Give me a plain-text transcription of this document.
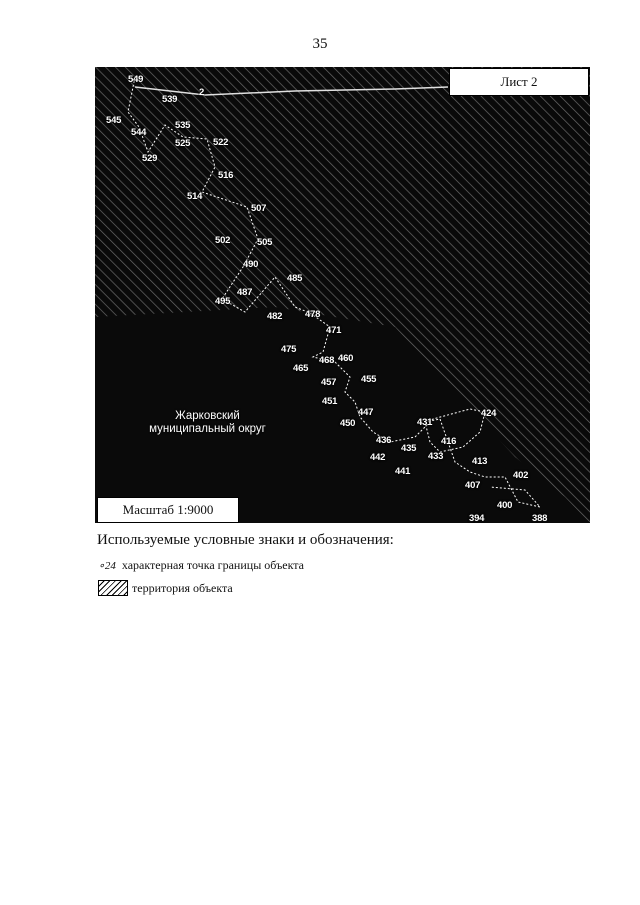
35
549
539
2
545
544
535
525 522
529
516
514
507
502	505
490
485
487
495
482 478
471
475
460
468
465
455
457
451
447
431
424
450
416
436
435
433
442
441
413
402
407
400
394	388
Лист 2
Масштаб 1:9000
Жарковский
муниципальный округ
Используемые условные знаки и обозначения:
∘24 характерная точка границы объекта
территория объекта
